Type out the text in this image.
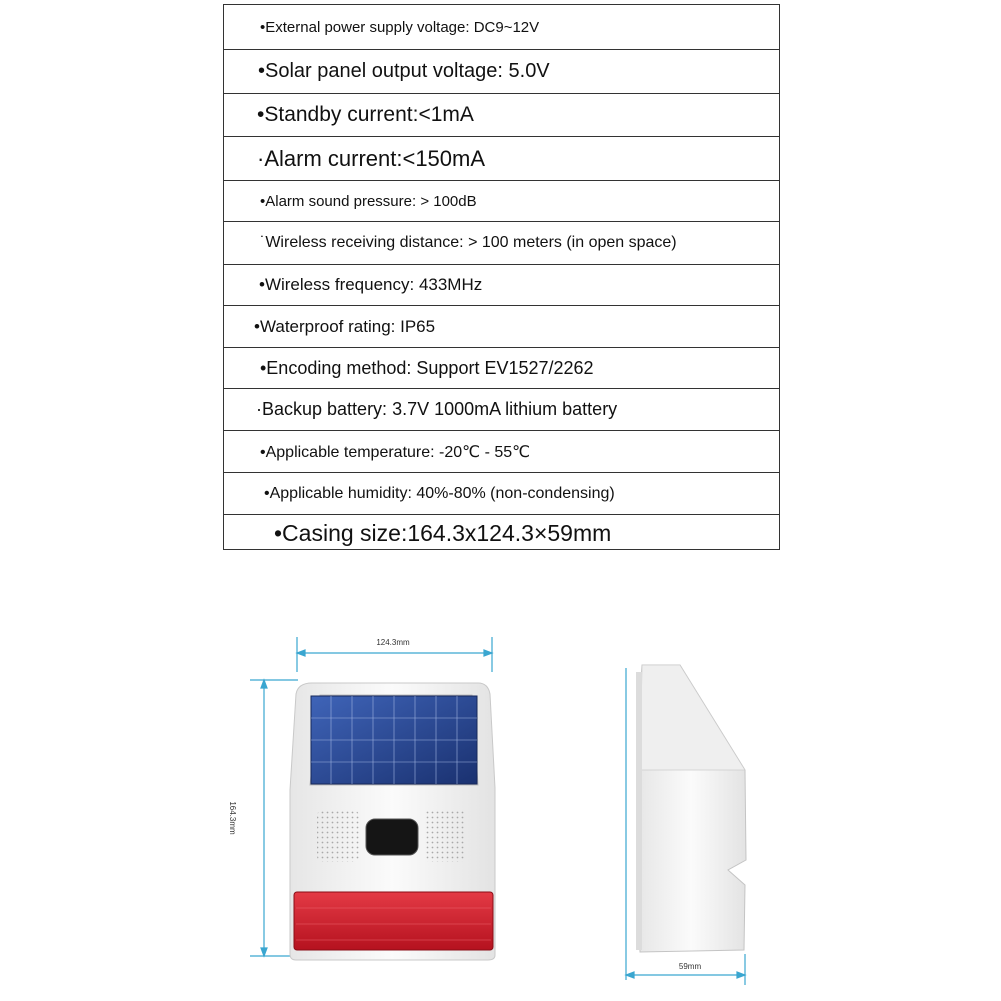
•External power supply voltage: DC9~12V
•Solar panel output voltage: 5.0V
•Standby current:<1mA
·Alarm current:<150mA
•Alarm sound pressure: > 100dB
˙Wireless receiving distance: > 100 meters (in open space)
•Wireless frequency: 433MHz
•Waterproof rating: IP65
•Encoding method: Support EV1527/2262
·Backup battery: 3.7V 1000mA lithium battery
•Applicable temperature: -20℃ - 55℃
•Applicable humidity: 40%-80% (non-condensing)
•Casing size:164.3x124.3×59mm
124.3mm
164.3mm
59mm
